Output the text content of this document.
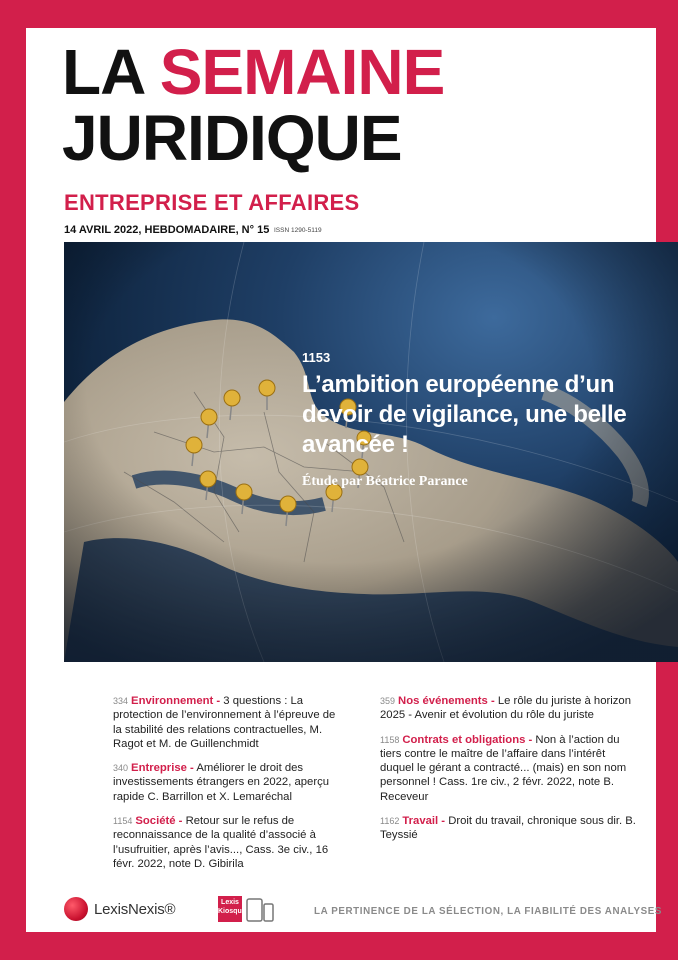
LA SEMAINE
JURIDIQUE
ENTREPRISE ET AFFAIRES
14 AVRIL 2022, HEBDOMADAIRE, N° 15 ISSN 1290-5119
1153
L’ambition européenne d’un devoir de vigilance, une belle avancée !
Étude par Béatrice Parance
334 Environnement - 3 questions : La protection de l’environnement à l’épreuve de la stabilité des relations contractuelles, M. Ragot et M. de Guillenchmidt
340 Entreprise - Améliorer le droit des investissements étrangers en 2022, aperçu rapide C. Barrillon et X. Lemaréchal
1154 Société - Retour sur le refus de reconnaissance de la qualité d’associé à l’usufruitier, après l’avis..., Cass. 3e civ., 16 févr. 2022, note D. Gibirila
359 Nos événements - Le rôle du juriste à horizon 2025 - Avenir et évolution du rôle du juriste
1158 Contrats et obligations - Non à l’action du tiers contre le maître de l’affaire dans l’intérêt duquel le gérant a contracté... (mais) en son nom personnel ! Cass. 1re civ., 2 févr. 2022, note B. Receveur
1162 Travail - Droit du travail, chronique sous dir. B. Teyssié
LexisNexis®	Lexis
Kiosque	LA PERTINENCE DE LA SÉLECTION, LA FIABILITÉ DES ANALYSES
